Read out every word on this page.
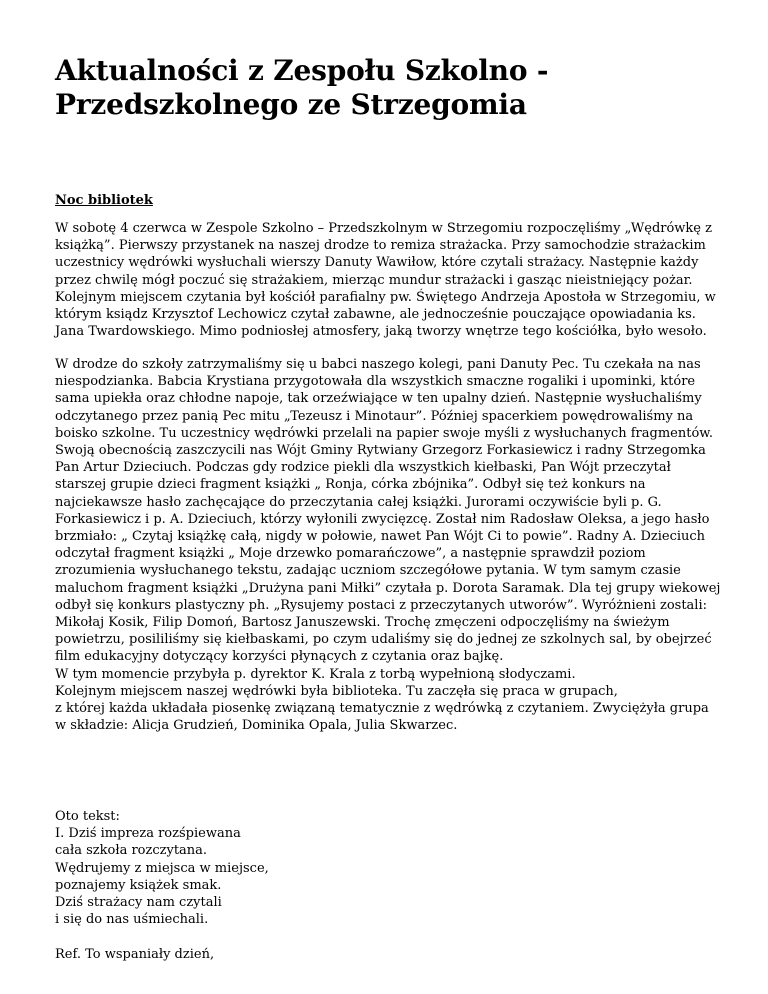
Aktualności z Zespołu Szkolno -
Przedszkolnego ze Strzegomia
Noc bibliotek

W sobotę 4 czerwca w Zespole Szkolno – Przedszkolnym w Strzegomiu rozpoczęliśmy „Wędrówkę z
książką”. Pierwszy przystanek na naszej drodze to remiza strażacka. Przy samochodzie strażackim
uczestnicy wędrówki wysłuchali wierszy Danuty Wawiłow, które czytali strażacy. Następnie każdy
przez chwilę mógł poczuć się strażakiem, mierząc mundur strażacki i gasząc nieistniejący pożar.
Kolejnym miejscem czytania był kościół parafialny pw. Świętego Andrzeja Apostoła w Strzegomiu, w
którym ksiądz Krzysztof Lechowicz czytał zabawne, ale jednocześnie pouczające opowiadania ks.
Jana Twardowskiego. Mimo podniosłej atmosfery, jaką tworzy wnętrze tego kościółka, było wesoło.

W drodze do szkoły zatrzymaliśmy się u babci naszego kolegi, pani Danuty Pec. Tu czekała na nas
niespodzianka. Babcia Krystiana przygotowała dla wszystkich smaczne rogaliki i upominki, które
sama upiekła oraz chłodne napoje, tak orzeźwiające w ten upalny dzień. Następnie wysłuchaliśmy
odczytanego przez panią Pec mitu „Tezeusz i Minotaur”. Później spacerkiem powędrowaliśmy na
boisko szkolne. Tu uczestnicy wędrówki przelali na papier swoje myśli z wysłuchanych fragmentów.
Swoją obecnością zaszczycili nas Wójt Gminy Rytwiany Grzegorz Forkasiewicz i radny Strzegomka
Pan Artur Dzieciuch. Podczas gdy rodzice piekli dla wszystkich kiełbaski, Pan Wójt przeczytał
starszej grupie dzieci fragment książki „ Ronja, córka zbójnika”. Odbył się też konkurs na
najciekawsze hasło zachęcające do przeczytania całej książki. Jurorami oczywiście byli p. G.
Forkasiewicz i p. A. Dzieciuch, którzy wyłonili zwycięzcę. Został nim Radosław Oleksa, a jego hasło
brzmiało: „ Czytaj książkę całą, nigdy w połowie, nawet Pan Wójt Ci to powie”. Radny A. Dzieciuch
odczytał fragment książki „ Moje drzewko pomarańczowe”, a następnie sprawdził poziom
zrozumienia wysłuchanego tekstu, zadając uczniom szczegółowe pytania. W tym samym czasie
maluchom fragment książki „Drużyna pani Miłki” czytała p. Dorota Saramak. Dla tej grupy wiekowej
odbył się konkurs plastyczny ph. „Rysujemy postaci z przeczytanych utworów”. Wyróżnieni zostali:
Mikołaj Kosik, Filip Domoń, Bartosz Januszewski. Trochę zmęczeni odpoczęliśmy na świeżym
powietrzu, posililiśmy się kiełbaskami, po czym udaliśmy się do jednej ze szkolnych sal, by obejrzeć
film edukacyjny dotyczący korzyści płynących z czytania oraz bajkę.
W tym momencie przybyła p. dyrektor K. Krala z torbą wypełnioną słodyczami.
Kolejnym miejscem naszej wędrówki była biblioteka. Tu zaczęła się praca w grupach,
z której każda układała piosenkę związaną tematycznie z wędrówką z czytaniem. Zwyciężyła grupa
w składzie: Alicja Grudzień, Dominika Opala, Julia Skwarzec.

Oto tekst:
I. Dziś impreza rozśpiewana
cała szkoła rozczytana.
Wędrujemy z miejsca w miejsce,
poznajemy książek smak.
Dziś strażacy nam czytali
i się do nas uśmiechali.
Ref. To wspaniały dzień,
